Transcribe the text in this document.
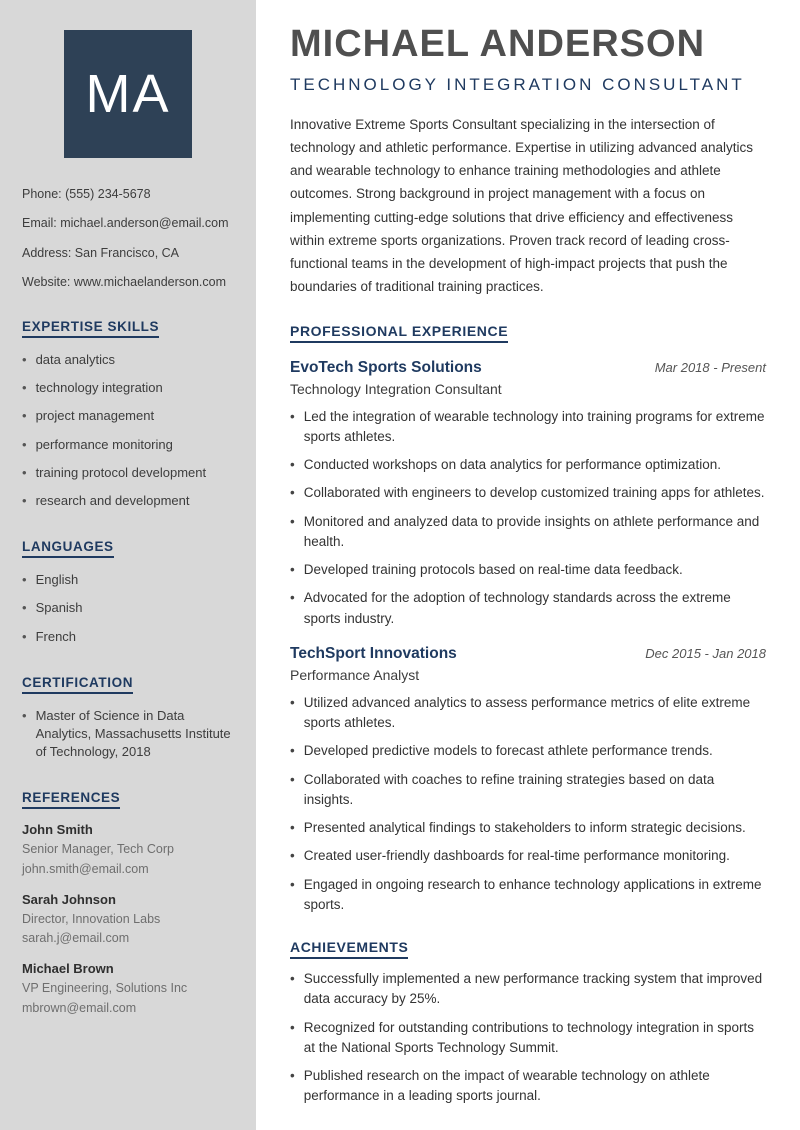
MA
Phone: (555) 234-5678
Email: michael.anderson@email.com
Address: San Francisco, CA
Website: www.michaelanderson.com
EXPERTISE SKILLS
• data analytics
• technology integration
• project management
• performance monitoring
• training protocol development
• research and development
LANGUAGES
• English
• Spanish
• French
CERTIFICATION
• Master of Science in Data Analytics, Massachusetts Institute of Technology, 2018
REFERENCES
John Smith
Senior Manager, Tech Corp
john.smith@email.com
Sarah Johnson
Director, Innovation Labs
sarah.j@email.com
Michael Brown
VP Engineering, Solutions Inc
mbrown@email.com
MICHAEL ANDERSON
TECHNOLOGY INTEGRATION CONSULTANT

Innovative Extreme Sports Consultant specializing in the intersection of technology and athletic performance. Expertise in utilizing advanced analytics and wearable technology to enhance training methodologies and athlete outcomes. Strong background in project management with a focus on implementing cutting-edge solutions that drive efficiency and effectiveness within extreme sports organizations. Proven track record of leading cross-functional teams in the development of high-impact projects that push the boundaries of traditional training practices.

PROFESSIONAL EXPERIENCE
EvoTech Sports Solutions	Mar 2018 - Present
Technology Integration Consultant
• Led the integration of wearable technology into training programs for extreme sports athletes.
• Conducted workshops on data analytics for performance optimization.
• Collaborated with engineers to develop customized training apps for athletes.
• Monitored and analyzed data to provide insights on athlete performance and health.
• Developed training protocols based on real-time data feedback.
• Advocated for the adoption of technology standards across the extreme sports industry.
TechSport Innovations	Dec 2015 - Jan 2018
Performance Analyst
• Utilized advanced analytics to assess performance metrics of elite extreme sports athletes.
• Developed predictive models to forecast athlete performance trends.
• Collaborated with coaches to refine training strategies based on data insights.
• Presented analytical findings to stakeholders to inform strategic decisions.
• Created user-friendly dashboards for real-time performance monitoring.
• Engaged in ongoing research to enhance technology applications in extreme sports.
ACHIEVEMENTS
• Successfully implemented a new performance tracking system that improved data accuracy by 25%.
• Recognized for outstanding contributions to technology integration in sports at the National Sports Technology Summit.
• Published research on the impact of wearable technology on athlete performance in a leading sports journal.
